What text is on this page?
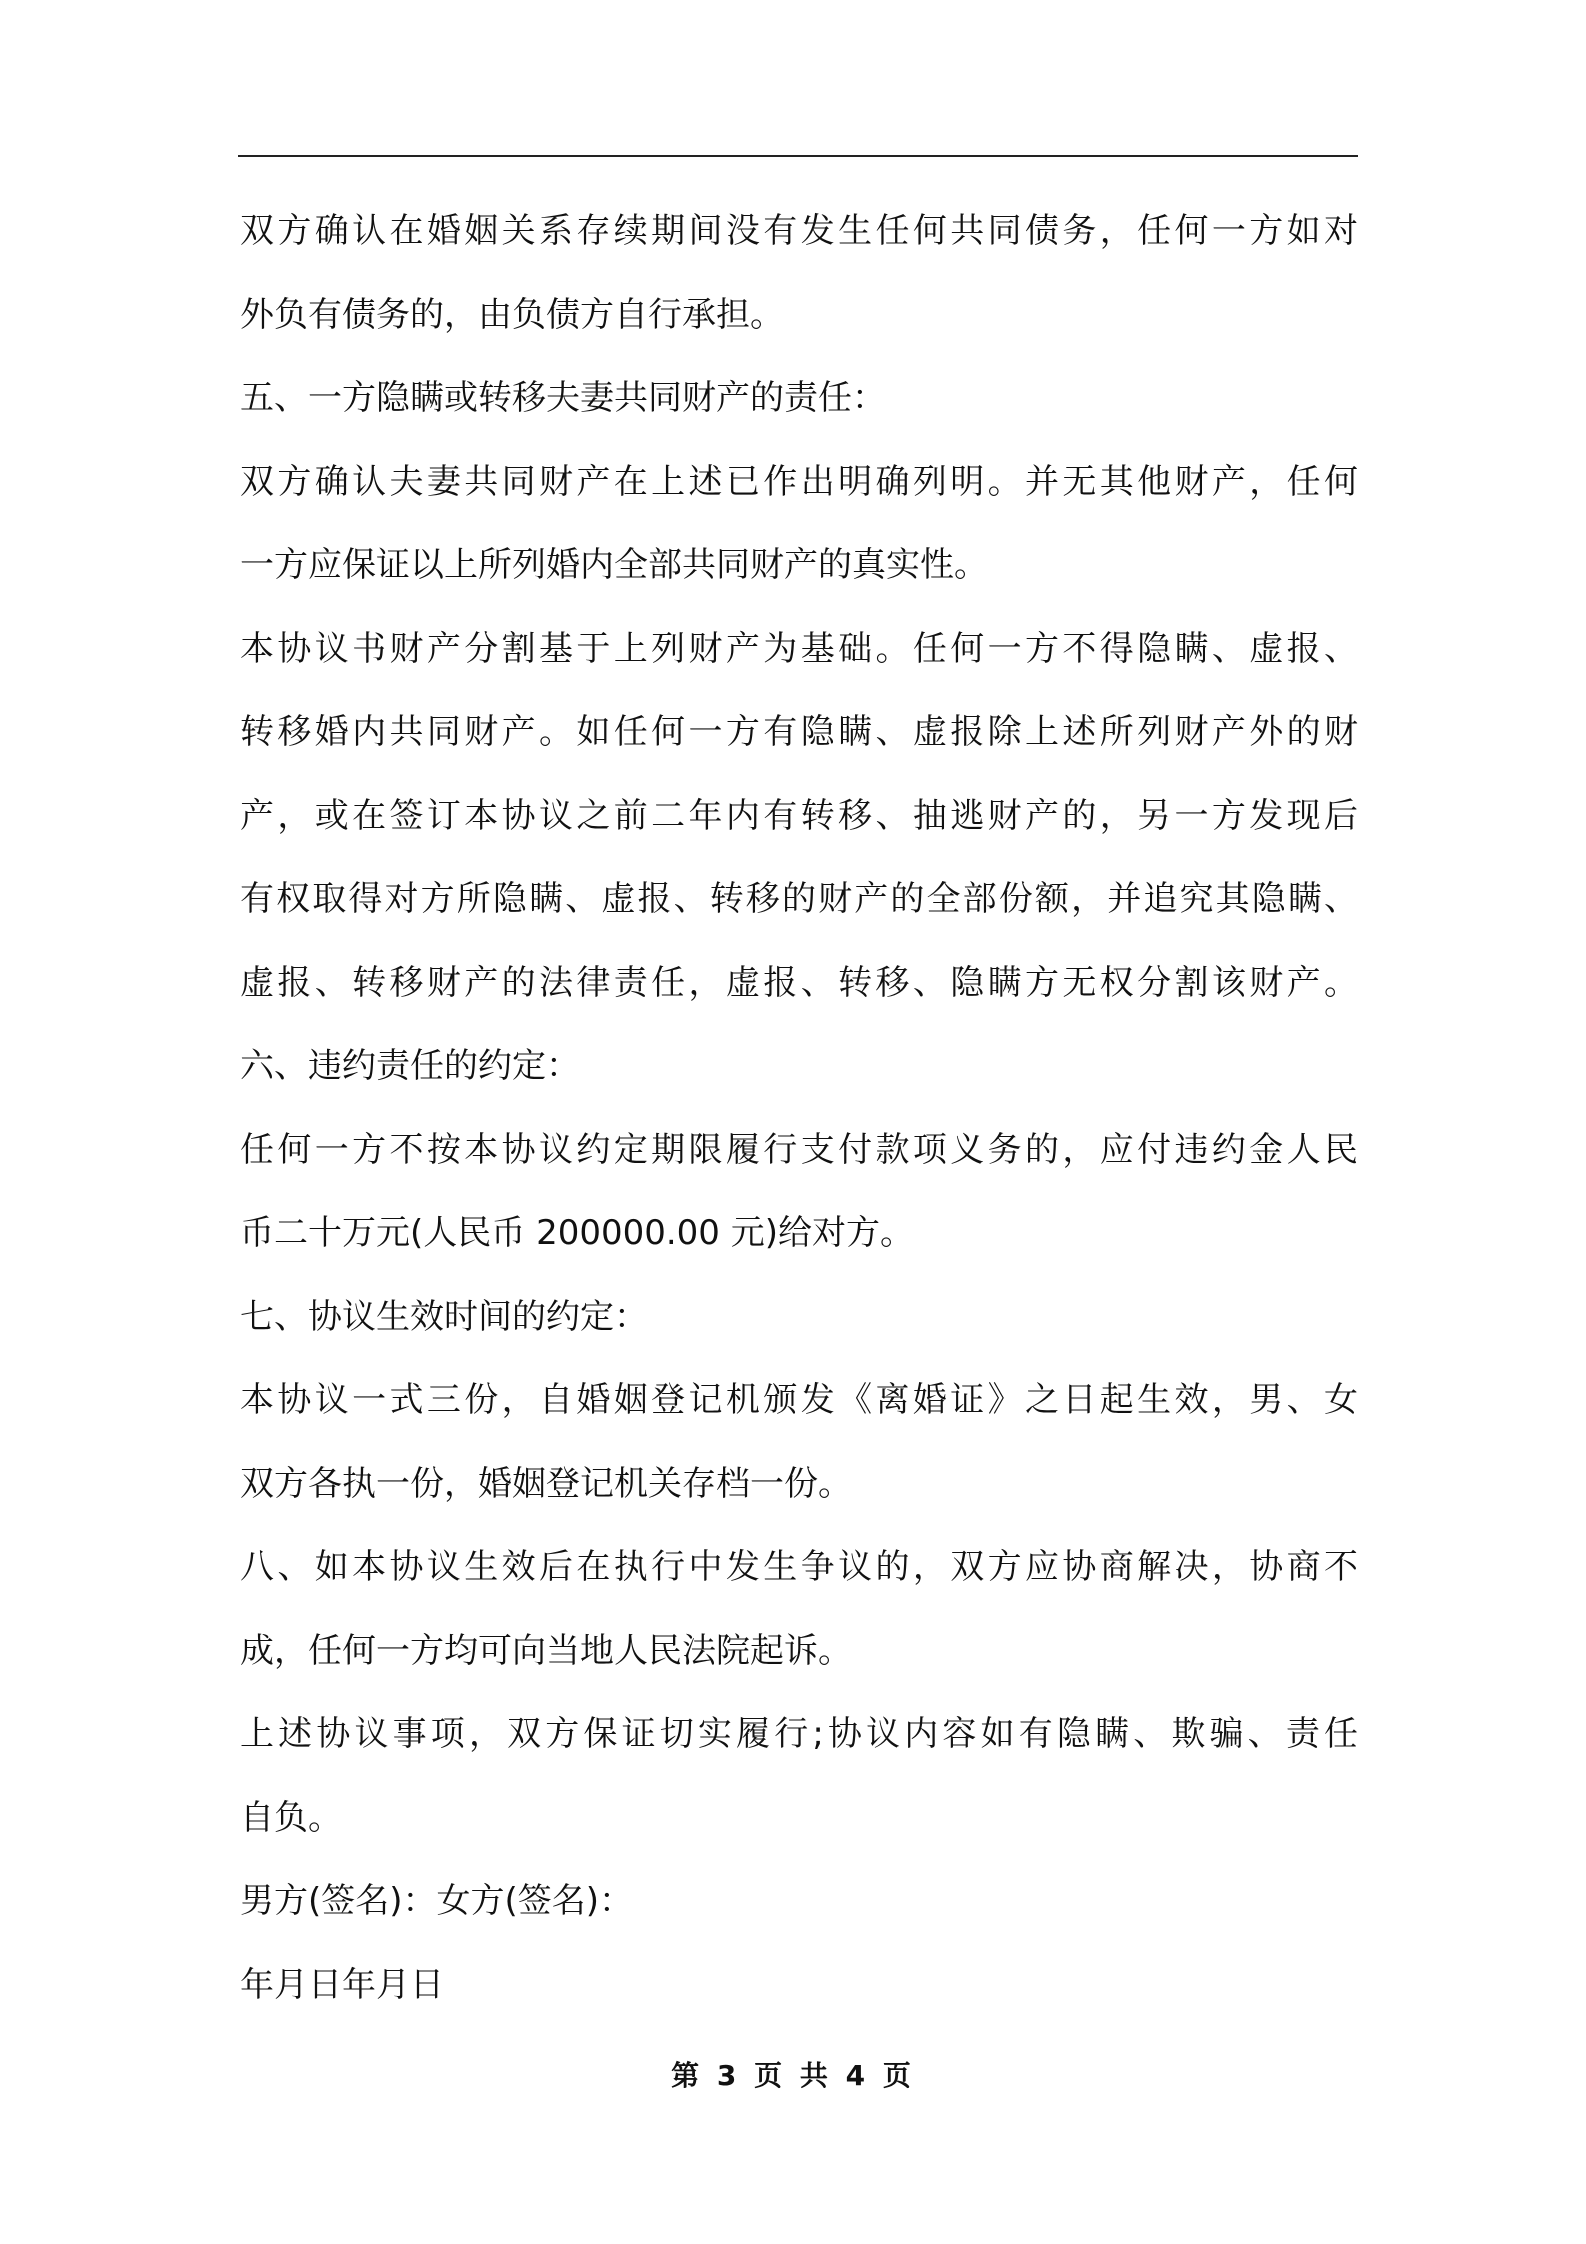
双方确认在婚姻关系存续期间没有发生任何共同债务，任何一方如对
外负有债务的，由负债方自行承担。
五、一方隐瞒或转移夫妻共同财产的责任：
双方确认夫妻共同财产在上述已作出明确列明。并无其他财产，任何
一方应保证以上所列婚内全部共同财产的真实性。
本协议书财产分割基于上列财产为基础。任何一方不得隐瞒、虚报、
转移婚内共同财产。如任何一方有隐瞒、虚报除上述所列财产外的财
产，或在签订本协议之前二年内有转移、抽逃财产的，另一方发现后
有权取得对方所隐瞒、虚报、转移的财产的全部份额，并追究其隐瞒、
虚报、转移财产的法律责任，虚报、转移、隐瞒方无权分割该财产。
六、违约责任的约定：
任何一方不按本协议约定期限履行支付款项义务的，应付违约金人民
币二十万元(人民币 200000.00 元)给对方。
七、协议生效时间的约定：
本协议一式三份，自婚姻登记机颁发《离婚证》之日起生效，男、女
双方各执一份，婚姻登记机关存档一份。
八、如本协议生效后在执行中发生争议的，双方应协商解决，协商不
成，任何一方均可向当地人民法院起诉。
上述协议事项，双方保证切实履行;协议内容如有隐瞒、欺骗、责任
自负。
男方(签名)：女方(签名)：
年月日年月日
第 3 页 共 4 页
